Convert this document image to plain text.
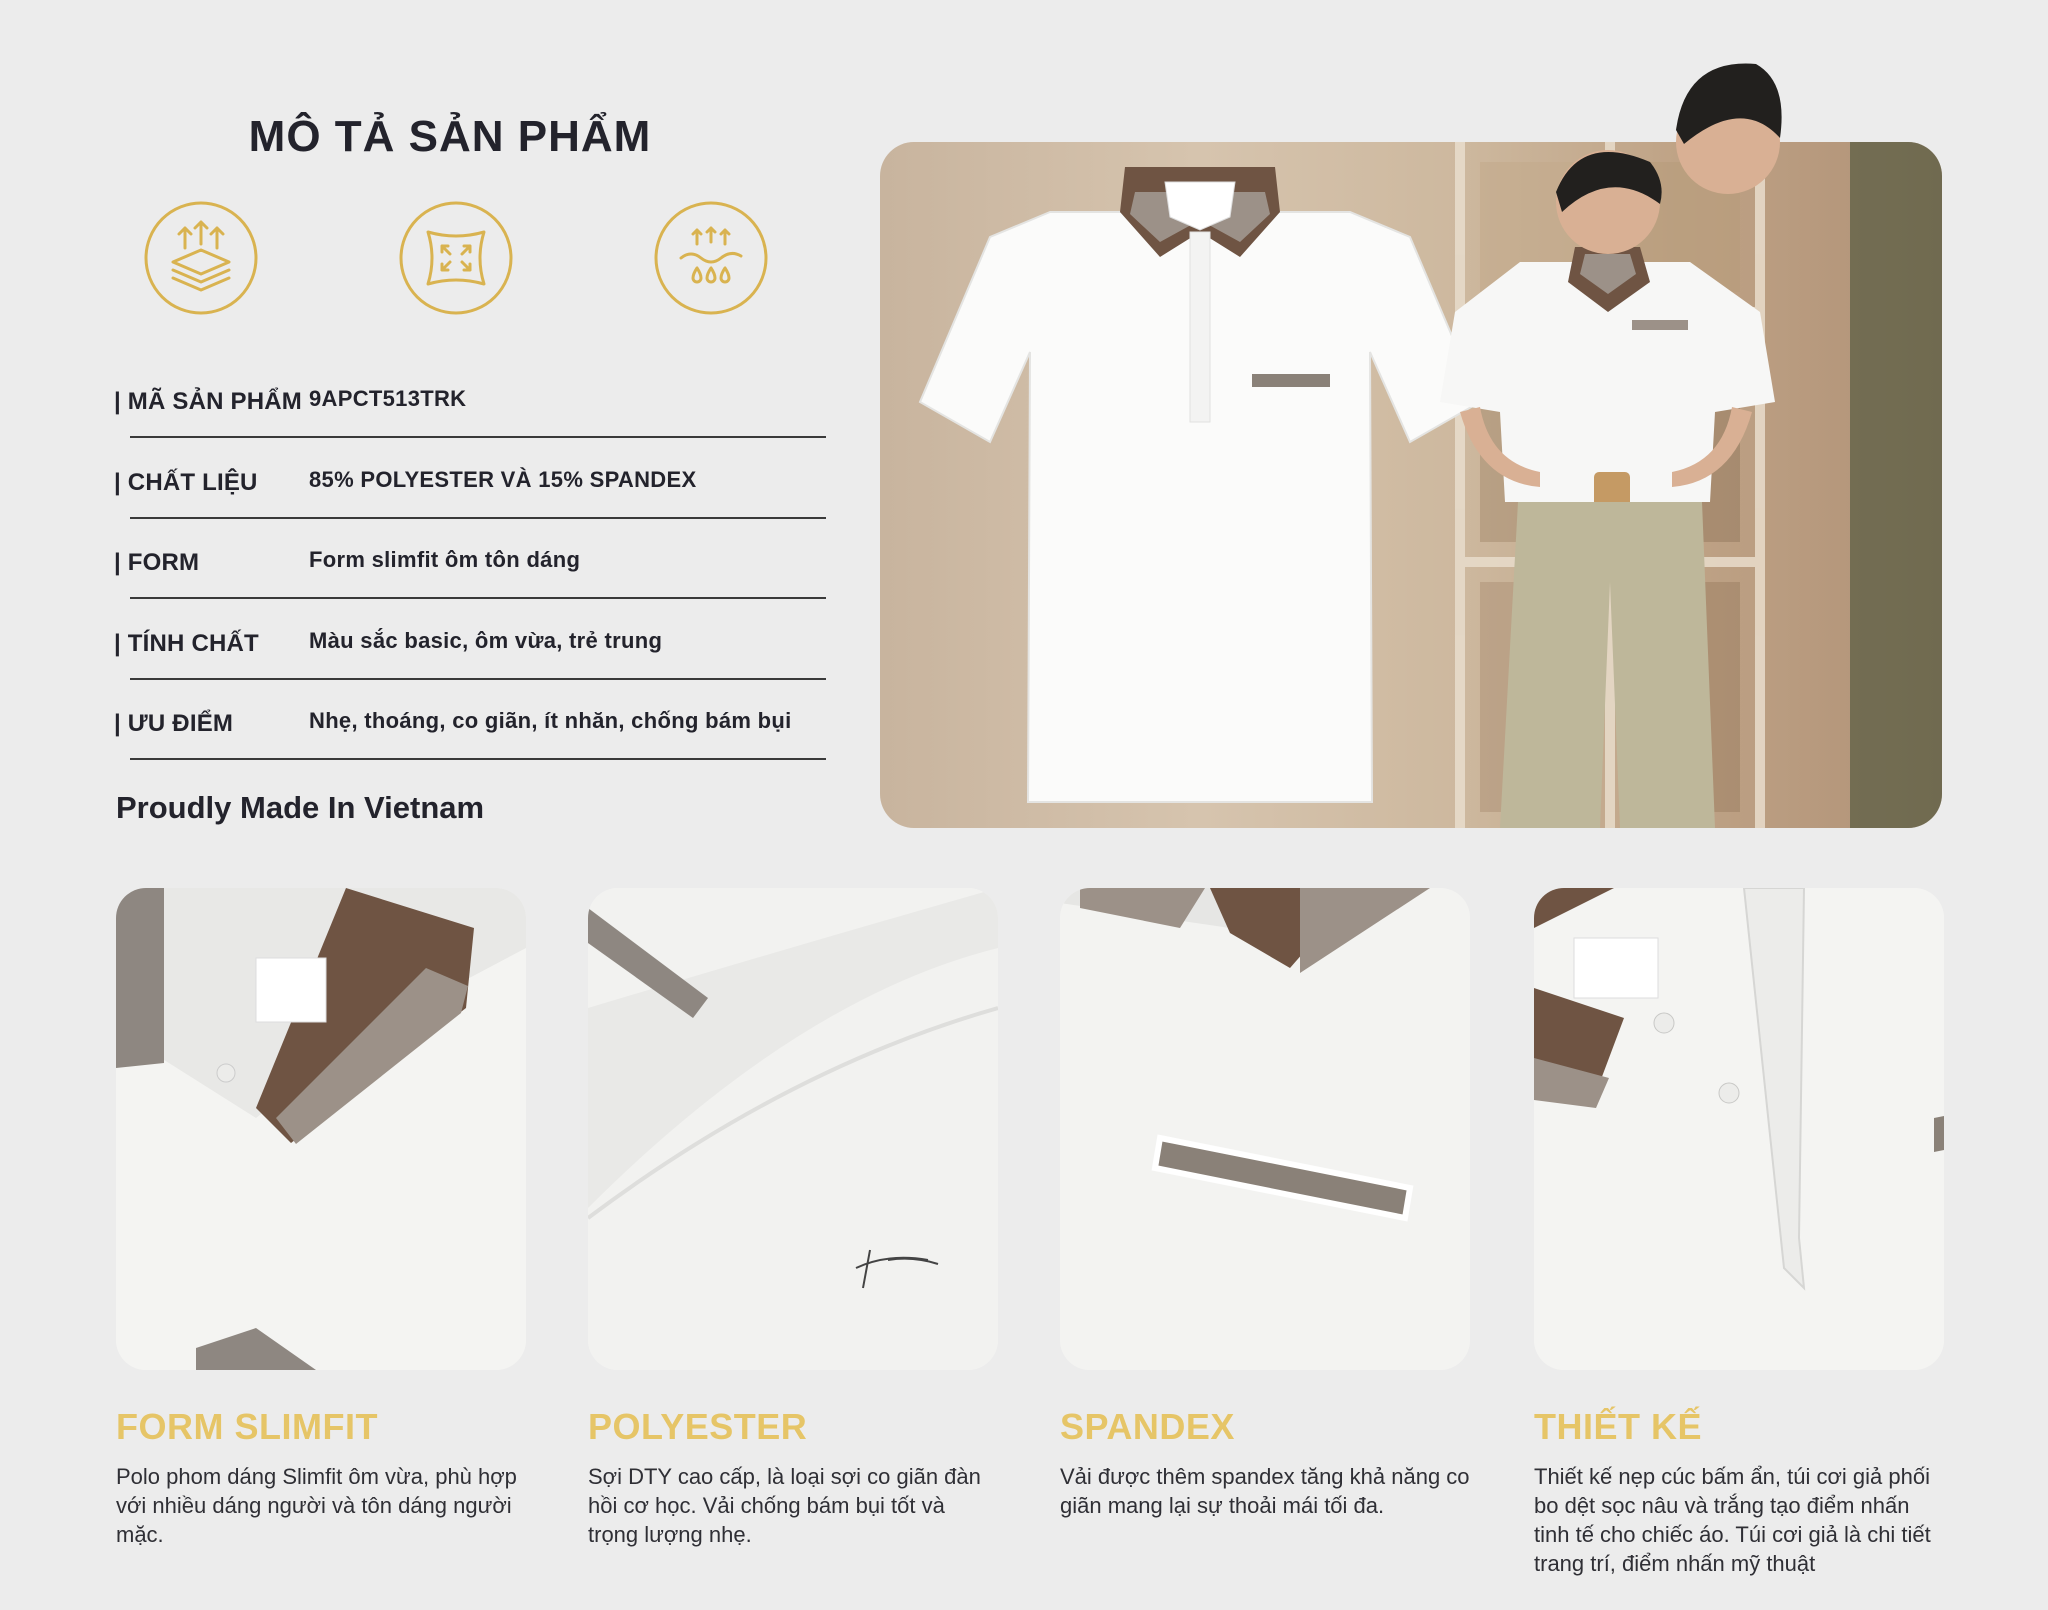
MÔ TẢ SẢN PHẨM
| MÃ SẢN PHẨM 9APCT513TRK
| CHẤT LIỆU 85% POLYESTER VÀ 15% SPANDEX
| FORM	Form slimfit ôm tôn dáng
| TÍNH CHẤT Màu sắc basic, ôm vừa, trẻ trung
| ƯU ĐIỂM	Nhẹ, thoáng, co giãn, ít nhăn, chống bám bụi
Proudly Made In Vietnam
FORM SLIMFIT
Polo phom dáng Slimfit ôm vừa, phù hợp với nhiều dáng người và tôn dáng người mặc.
POLYESTER
Sợi DTY cao cấp, là loại sợi co giãn đàn hồi cơ học. Vải chống bám bụi tốt và trọng lượng nhẹ.
SPANDEX
Vải được thêm spandex tăng khả năng co giãn mang lại sự thoải mái tối đa.
THIẾT KẾ
Thiết kế nẹp cúc bấm ẩn, túi cơi giả phối bo dệt sọc nâu và trắng tạo điểm nhấn tinh tế cho chiếc áo. Túi cơi giả là chi tiết trang trí, điểm nhấn mỹ thuật
